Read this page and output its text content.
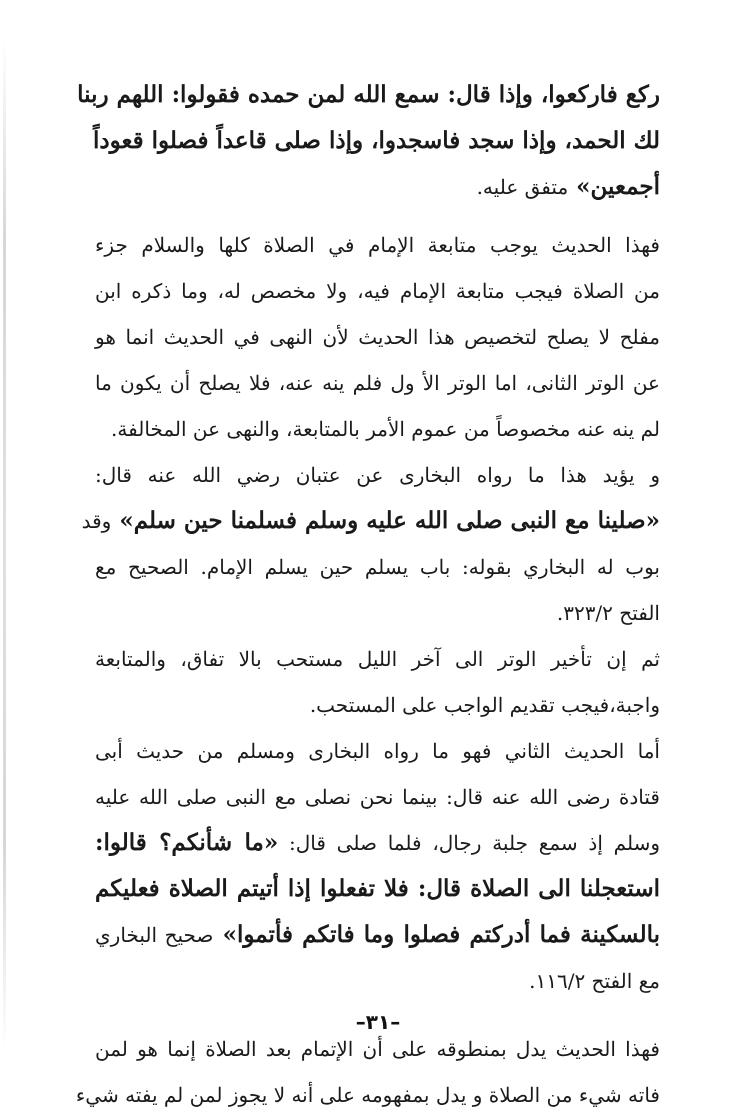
ركع فاركعوا، وإذا قال: سمع الله لمن حمده فقولوا: اللهم ربنا
لك الحمد، وإذا سجد فاسجدوا، وإذا صلى قاعداً فصلوا قعوداً
أجمعين» متفق عليه.
فهذا الحديث يوجب متابعة الإمام في الصلاة كلها والسلام جزء
من الصلاة فيجب متابعة الإمام فيه، ولا مخصص له، وما ذكره ابن
مفلح لا يصلح لتخصيص هذا الحديث لأن النهى في الحديث انما هو
عن الوتر الثانى، اما الوتر الأ ول فلم ينه عنه، فلا يصلح أن يكون ما
لم ينه عنه مخصوصاً من عموم الأمر بالمتابعة، والنهى عن المخالفة.
و يؤيد هذا ما رواه البخارى عن عتبان رضي الله عنه قال:
«صلينا مع النبى صلى الله عليه وسلم فسلمنا حين سلم» وقد
بوب له البخاري بقوله: باب يسلم حين يسلم الإمام. الصحيح مع
الفتح ٣٢٣/٢.
ثم إن تأخير الوتر الى آخر الليل مستحب بالا تفاق، والمتابعة
واجبة،فيجب تقديم الواجب على المستحب.
أما الحديث الثاني فهو ما رواه البخارى ومسلم من حديث أبى
قتادة رضى الله عنه قال: بينما نحن نصلى مع النبى صلى الله عليه
وسلم إذ سمع جلبة رجال، فلما صلى قال: «ما شأنكم؟ قالوا:
استعجلنا الى الصلاة قال: فلا تفعلوا إذا أتيتم الصلاة فعليكم
بالسكينة فما أدركتم فصلوا وما فاتكم فأتموا» صحيح البخاري
مع الفتح ١١٦/٢.
فهذا الحديث يدل بمنطوقه على أن الإتمام بعد الصلاة إنما هو لمن
فاته شيء من الصلاة و يدل بمفهومه على أنه لا يجوز لمن لم يفته شيء
–٣١–
